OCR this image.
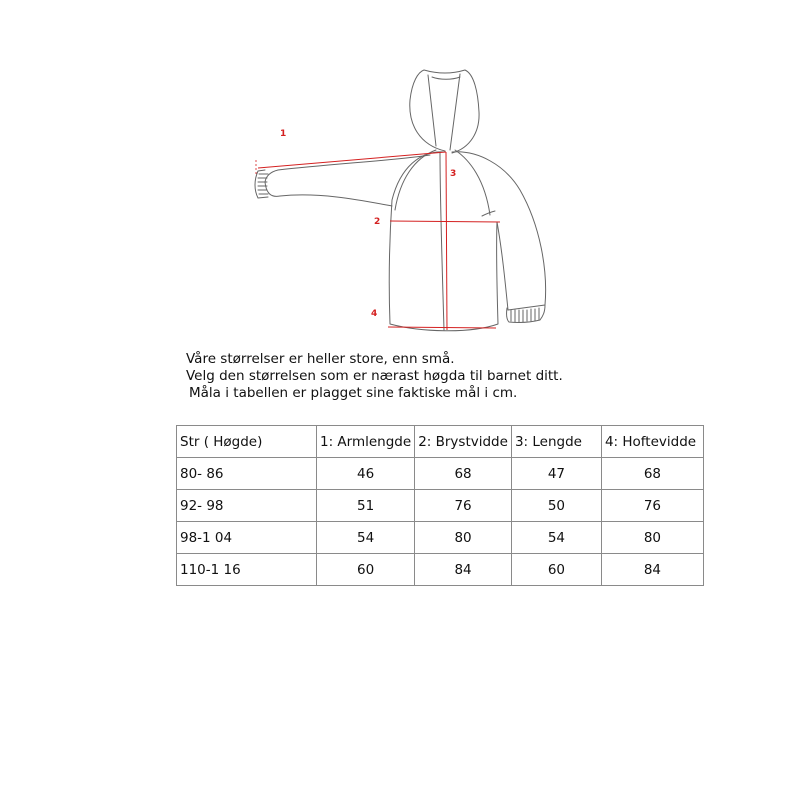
1
2
3
4
Våre størrelser er heller store, enn små.
Velg den størrelsen som er nærast høgda til barnet ditt.
Måla i tabellen er plagget sine faktiske mål i cm.
Str ( Høgde)	1: Armlengde	2: Brystvidde	3: Lengde	4: Hoftevidde
80- 86	46	68	47	68
92- 98	51	76	50	76
98-1 04	54	80	54	80
110-1 16	60	84	60	84
